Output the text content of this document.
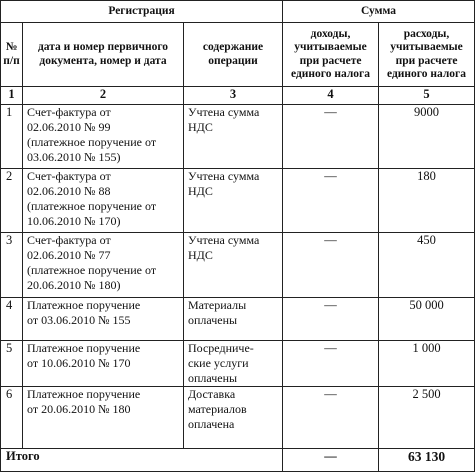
Регистрация			Сумма	
№
п/п	дата и номер первичного документа, номер и дата	содержание операции	доходы, учитываемые при расчете единого налога	расходы, учитываемые при расчете единого налога
1	2	3	4	5
1	Счет-фактура от
02.06.2010 № 99
(платежное поручение от
03.06.2010 № 155)	Учтена сумма
НДС	—	9000
2	Счет-фактура от
02.06.2010 № 88
(платежное поручение от
10.06.2010 № 170)	Учтена сумма
НДС	—	180
3	Счет-фактура от
02.06.2010 № 77
(платежное поручение от
20.06.2010 № 180)	Учтена сумма
НДС	—	450
4	Платежное поручение
от 03.06.2010 № 155	Материалы
оплачены	—	50 000
5	Платежное поручение
от 10.06.2010 № 170	Посредниче-
ские услуги
оплачены	—	1 000
6	Платежное поручение
от 20.06.2010 № 180	Доставка
материалов
оплачена	—	2 500
Итого			—	63 130
